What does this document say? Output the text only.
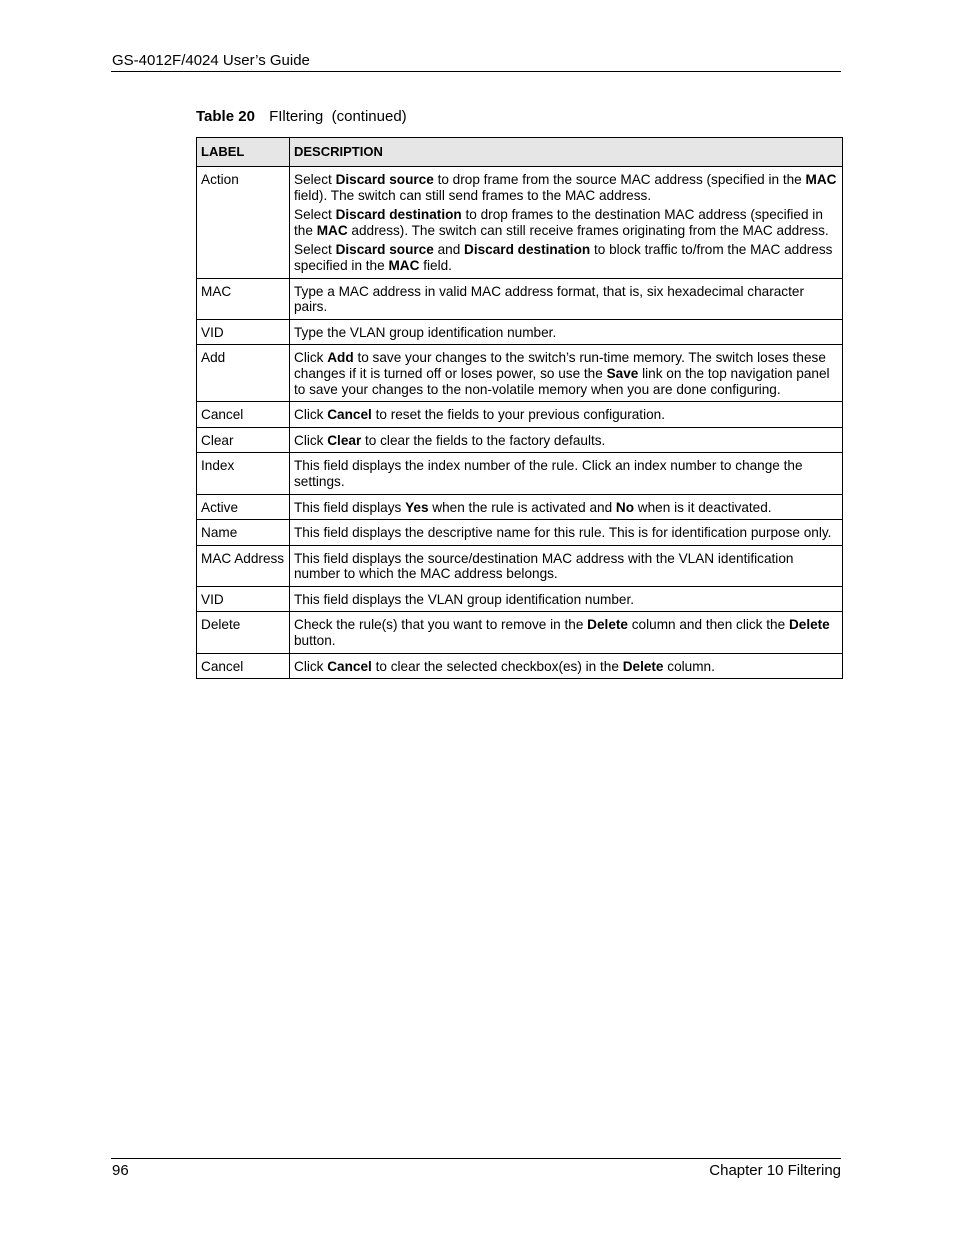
GS-4012F/4024 User’s Guide
Table 20 FIltering  (continued)
LABEL	DESCRIPTION
Action	Select Discard source to drop frame from the source MAC address (specified in the MAC field). The switch can still send frames to the MAC address.

Select Discard destination to drop frames to the destination MAC address (specified in the MAC address). The switch can still receive frames originating from the MAC address.

Select Discard source and Discard destination to block traffic to/from the MAC address specified in the MAC field.

MAC	Type a MAC address in valid MAC address format, that is, six hexadecimal character pairs.

VID	Type the VLAN group identification number.

Add	Click Add to save your changes to the switch’s run-time memory. The switch loses these changes if it is turned off or loses power, so use the Save link on the top navigation panel to save your changes to the non-volatile memory when you are done configuring.

Cancel	Click Cancel to reset the fields to your previous configuration.

Clear	Click Clear to clear the fields to the factory defaults.

Index	This field displays the index number of the rule. Click an index number to change the settings.

Active	This field displays Yes when the rule is activated and No when is it deactivated.

Name	This field displays the descriptive name for this rule. This is for identification purpose only.

MAC Address	This field displays the source/destination MAC address with the VLAN identification number to which the MAC address belongs.

VID	This field displays the VLAN group identification number.

Delete	Check the rule(s) that you want to remove in the Delete column and then click the Delete button.

Cancel	Click Cancel to clear the selected checkbox(es) in the Delete column.

96	Chapter 10 Filtering
